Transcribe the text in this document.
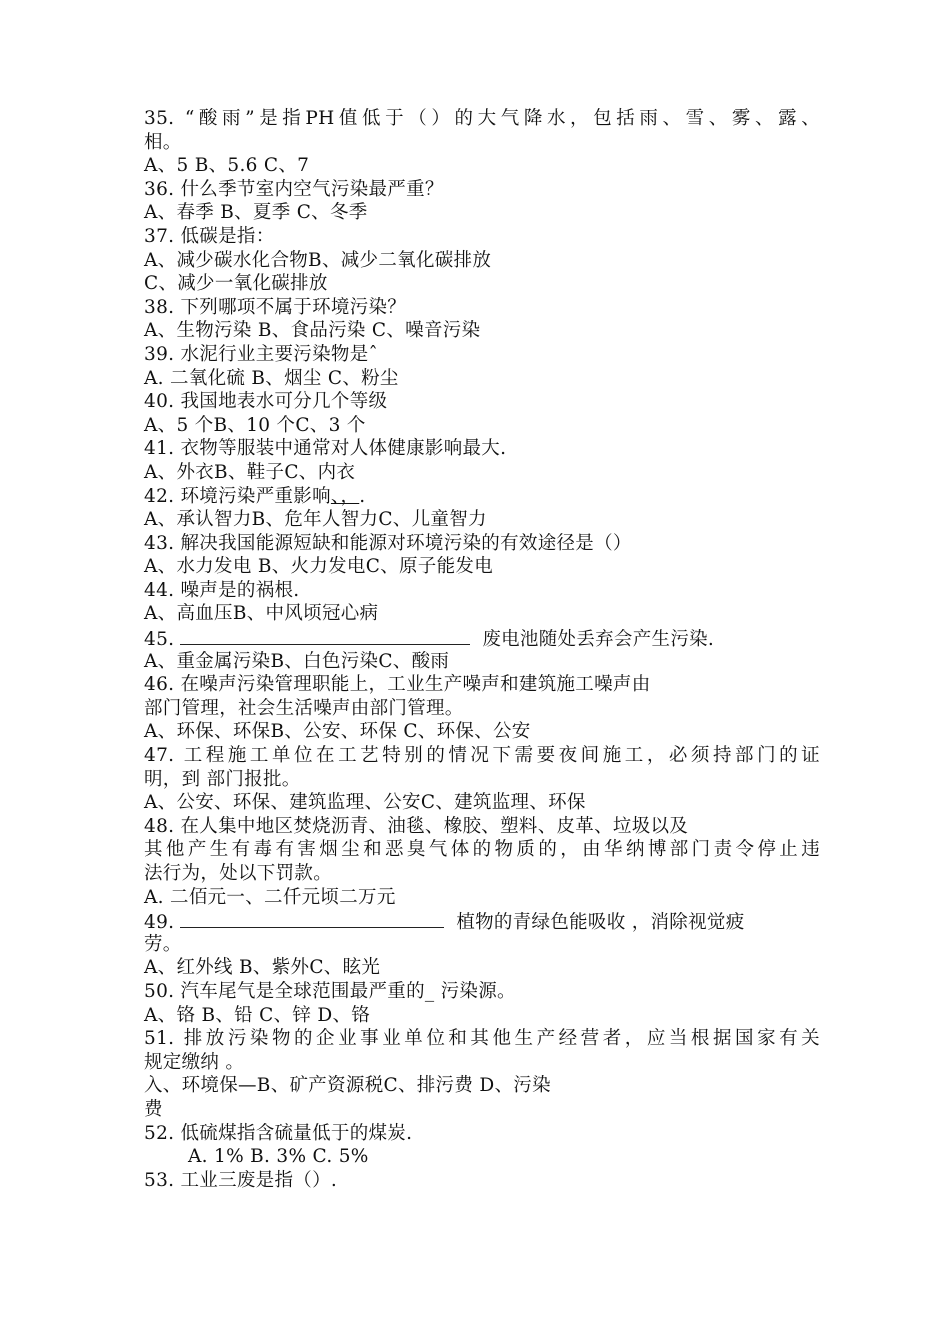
35. “酸雨”是指PH值低于（）的大气降水，包括雨、雪、雾、露、
相。
A、5 B、5.6 C、7
36. 什么季节室内空气污染最严重？
A、春季 B、夏季 C、冬季
37. 低碳是指：
A、减少碳水化合物B、减少二氧化碳排放
C、减少一氧化碳排放
38. 下列哪项不属于环境污染？
A、生物污染 B、食品污染 C、噪音污染
39. 水泥行业主要污染物是ˆ
A. 二氧化硫 B、烟尘 C、粉尘
40. 我国地表水可分几个等级
A、5 个B、10 个C、3 个
41. 衣物等服装中通常对人体健康影响最大.
A、外衣B、鞋子C、内衣
42. 环境污染严重影响、，.
A、承认智力B、危年人智力C、儿童智力
43. 解决我国能源短缺和能源对环境污染的有效途径是（）
A、水力发电 B、火力发电C、原子能发电
44. 噪声是的祸根.
A、高血压B、中风顷冠心病
45.	废电池随处丢弃会产生污染.
A、重金属污染B、白色污染C、酸雨
46. 在噪声污染管理职能上，工业生产噪声和建筑施工噪声由
部门管理，社会生活噪声由部门管理。
A、环保、环保B、公安、环保 C、环保、公安
47. 工程施工单位在工艺特别的情况下需要夜间施工，必须持部门的证
明，到 部门报批。
A、公安、环保、建筑监理、公安C、建筑监理、环保
48. 在人集中地区焚烧沥青、油毯、橡胶、塑料、皮革、垃圾以及
其他产生有毒有害烟尘和恶臭气体的物质的，由华纳博部门责令停止违
法行为，处以下罚款。
A. 二佰元一、二仟元顷二万元
49.	植物的青绿色能吸收 ，消除视觉疲
劳。
A、红外线 B、紫外C、眩光
50. 汽车尾气是全球范围最严重的_ 污染源。
A、铬 B、铅 C、锌 D、铬
51. 排放污染物的企业事业单位和其他生产经营者，应当根据国家有关
规定缴纳 。
入、环境保—B、矿产资源税C、排污费 D、污染
费
52. 低硫煤指含硫量低于的煤炭.
A. 1% B. 3% C. 5%
53. 工业三废是指（）.
